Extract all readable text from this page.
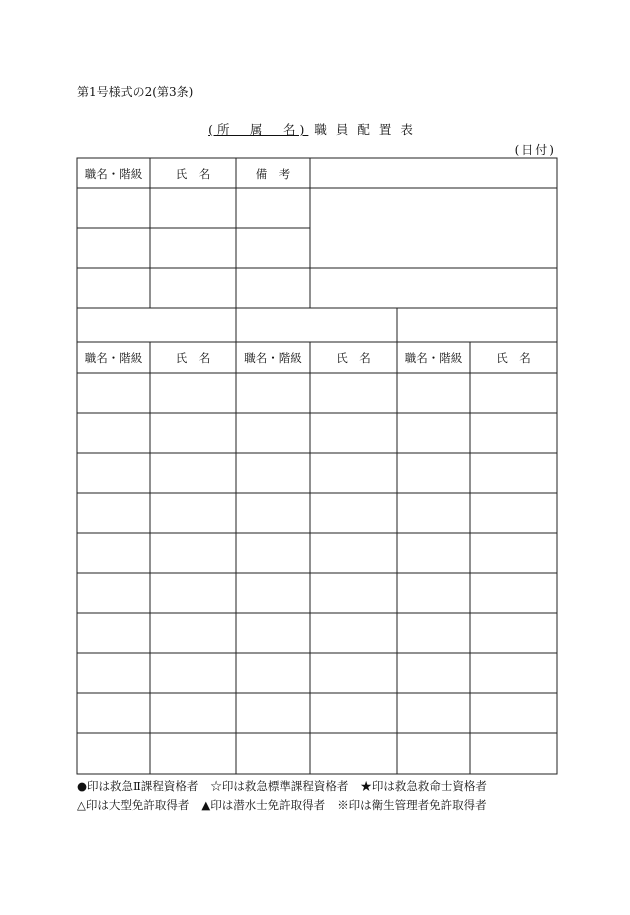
第1号様式の2(第3条)
(所　属　名) 職員配置表
(日付)
職名・階級	氏　名	備　考
職名・階級	氏　名	職名・階級	氏　名	職名・階級	氏　名
●印は救急Ⅱ課程資格者 ☆印は救急標準課程資格者 ★印は救急救命士資格者
△印は大型免許取得者 ▲印は潜水士免許取得者 ※印は衛生管理者免許取得者
